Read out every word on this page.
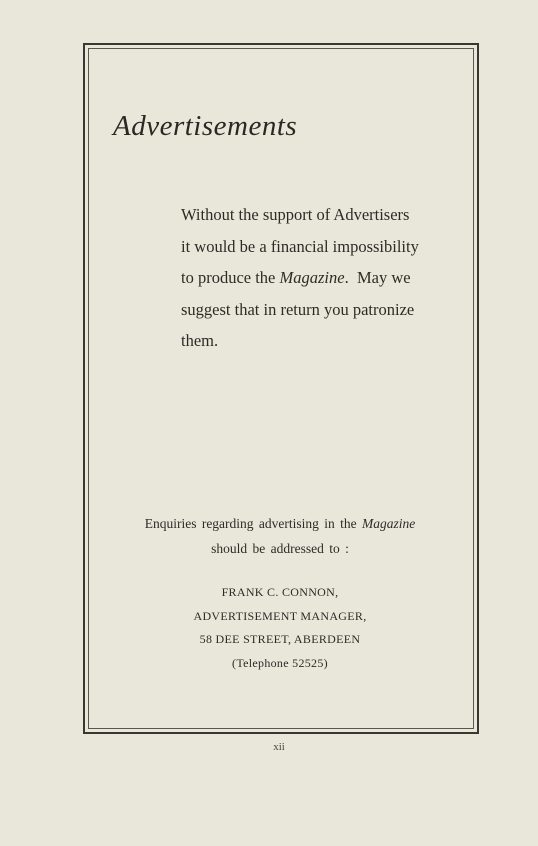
Advertisements
Without the support of Advertisers
it would be a financial impossibility
to produce the Magazine.  May we
suggest that in return you patronize
them.
Enquiries regarding advertising in the Magazine
should be addressed to :
FRANK C. CONNON,
ADVERTISEMENT MANAGER,
58 DEE STREET, ABERDEEN
(Telephone 52525)
xii
